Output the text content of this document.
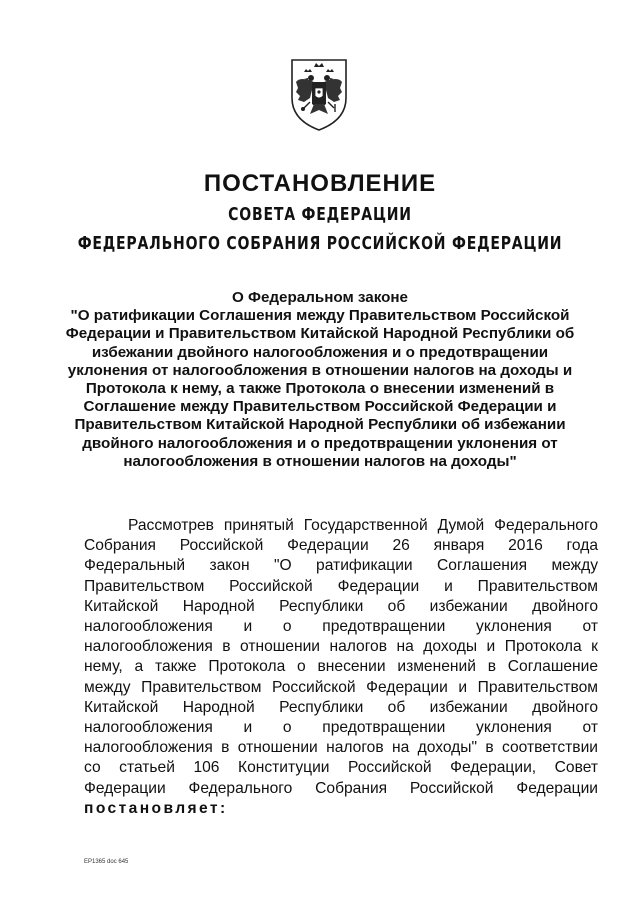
ПОСТАНОВЛЕНИЕ
СОВЕТА ФЕДЕРАЦИИ
ФЕДЕРАЛЬНОГО СОБРАНИЯ РОССИЙСКОЙ ФЕДЕРАЦИИ
О Федеральном законе
"О ратификации Соглашения между Правительством Российской
Федерации и Правительством Китайской Народной Республики об
избежании двойного налогообложения и о предотвращении
уклонения от налогообложения в отношении налогов на доходы и
Протокола к нему, а также Протокола о внесении изменений в
Соглашение между Правительством Российской Федерации и
Правительством Китайской Народной Республики об избежании
двойного налогообложения и о предотвращении уклонения от
налогообложения в отношении налогов на доходы"
Рассмотрев принятый Государственной Думой Федерального
Собрания Российской Федерации 26 января 2016 года
Федеральный закон "О ратификации Соглашения между
Правительством Российской Федерации и Правительством
Китайской Народной Республики об избежании двойного
налогообложения и о предотвращении уклонения от
налогообложения в отношении налогов на доходы и Протокола к
нему, а также Протокола о внесении изменений в Соглашение
между Правительством Российской Федерации и Правительством
Китайской Народной Республики об избежании двойного
налогообложения и о предотвращении уклонения от
налогообложения в отношении налогов на доходы" в соответствии
со статьей 106 Конституции Российской Федерации, Совет
Федерации Федерального Собрания Российской Федерации
постановляет:
ЕР1365 doc 645
